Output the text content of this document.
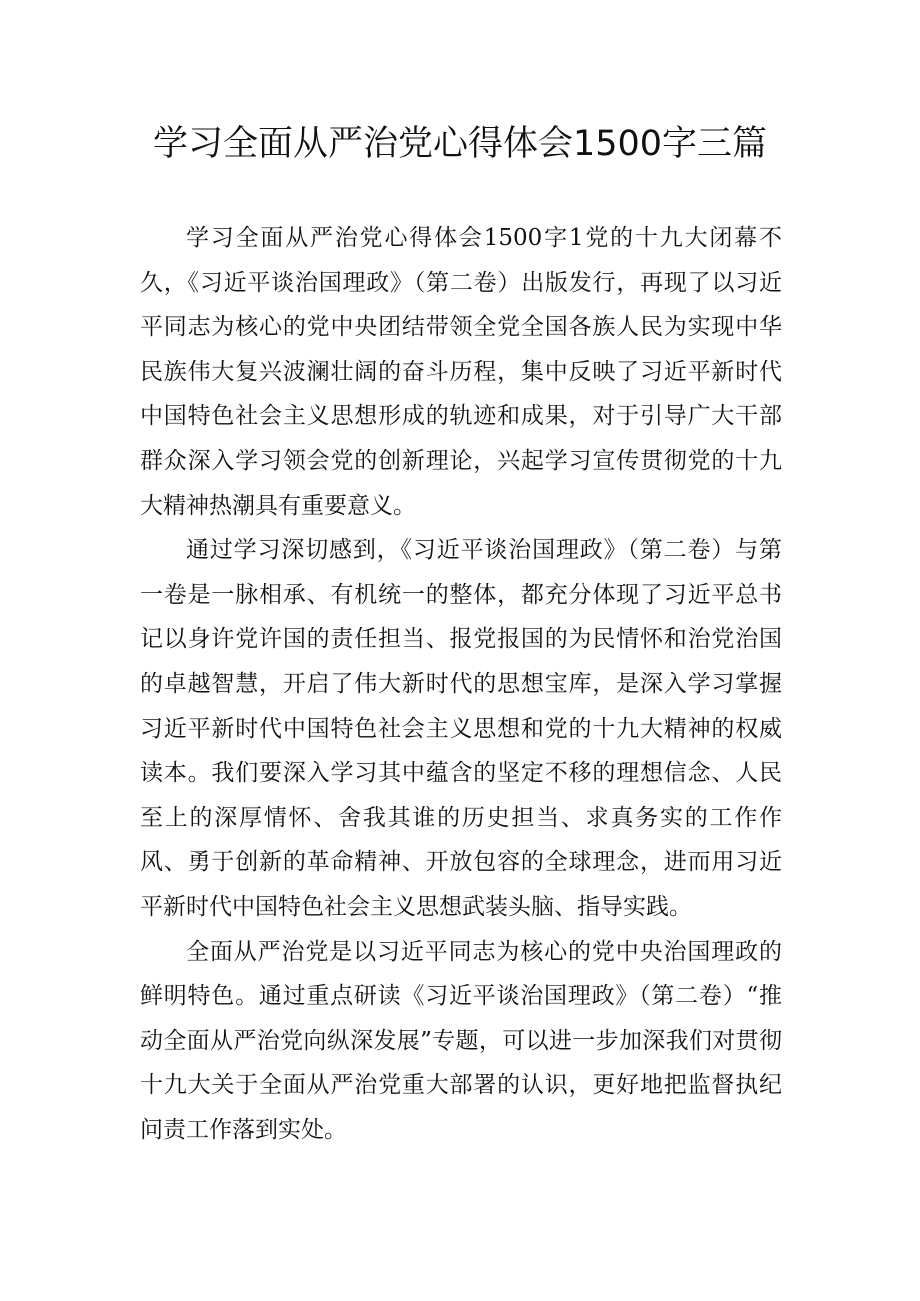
学习全面从严治党心得体会1500字三篇

学习全面从严治党心得体会1500字1党的十九大闭幕不久，《习近平谈治国理政》（第二卷）出版发行，再现了以习近平同志为核心的党中央团结带领全党全国各族人民为实现中华民族伟大复兴波澜壮阔的奋斗历程，集中反映了习近平新时代中国特色社会主义思想形成的轨迹和成果，对于引导广大干部群众深入学习领会党的创新理论，兴起学习宣传贯彻党的十九大精神热潮具有重要意义。

通过学习深切感到，《习近平谈治国理政》（第二卷）与第一卷是一脉相承、有机统一的整体，都充分体现了习近平总书记以身许党许国的责任担当、报党报国的为民情怀和治党治国的卓越智慧，开启了伟大新时代的思想宝库，是深入学习掌握习近平新时代中国特色社会主义思想和党的十九大精神的权威读本。我们要深入学习其中蕴含的坚定不移的理想信念、人民至上的深厚情怀、舍我其谁的历史担当、求真务实的工作作风、勇于创新的革命精神、开放包容的全球理念，进而用习近平新时代中国特色社会主义思想武装头脑、指导实践。

全面从严治党是以习近平同志为核心的党中央治国理政的鲜明特色。通过重点研读《习近平谈治国理政》（第二卷）“推动全面从严治党向纵深发展”专题，可以进一步加深我们对贯彻十九大关于全面从严治党重大部署的认识，更好地把监督执纪问责工作落到实处。
